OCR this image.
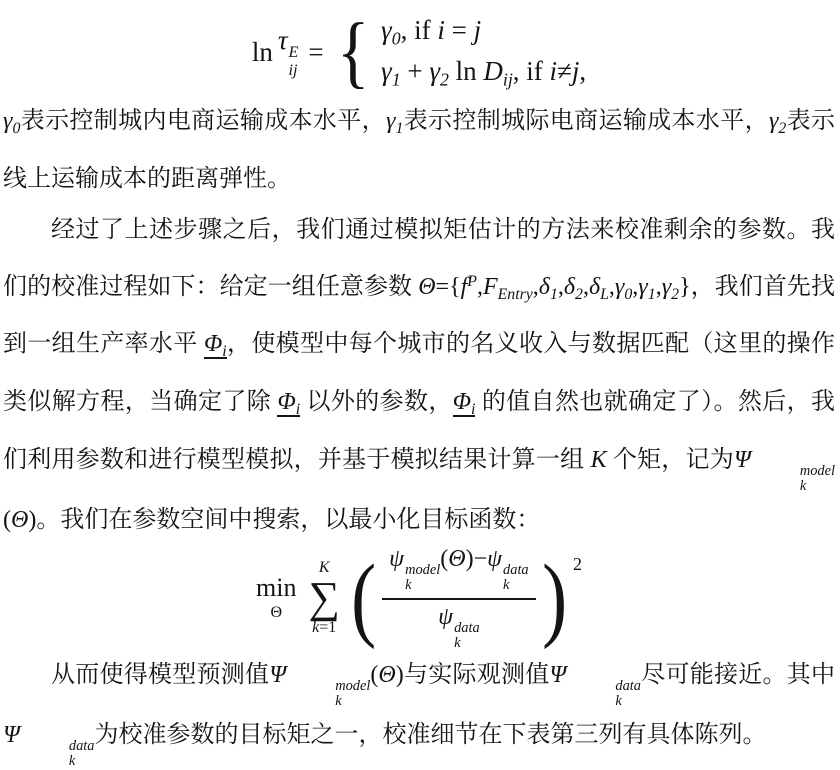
ln τ E
ij
= { $\gamma_0$, if i = j
$\gamma_1 + \gamma_2$ $\ln D_{ij}$, if i≠j,

$\gamma_0$表示控制城内电商运输成本水平，$\gamma_1$表示控制城际电商运输成本水平，$\gamma_2$表示线上运输成本的距离弹性。

经过了上述步骤之后，我们通过模拟矩估计的方法来校准剩余的参数。我们的校准过程如下：给定一组任意参数 $\Theta=\{f^P,F_{Entry},\delta_1,\delta_2,\delta_L,\gamma_0,\gamma_1,\gamma_2\}$，我们首先找到一组生产率水平 $\Phi_i$，使模型中每个城市的名义收入与数据匹配（这里的操作类似解方程，当确定了除 $\Phi_i$ 以外的参数，$\Phi_i$ 的值自然也就确定了）。然后，我们利用参数和进行模型模拟，并基于模拟结果计算一组 K 个矩，记为Ψ	model
k
(Θ)。我们在参数空间中搜索，以最小化目标函数：

min
Θ
K
∑
k=1 ( ψ model
k
(Θ)−ψ data
k
ψ data
k ) 2

从而使得模型预测值Ψ	model
k
(Θ)与实际观测值Ψ	data
k
尽可能接近。其中Ψ	data
k
为校准参数的目标矩之一，校准细节在下表第三列有具体陈列。
